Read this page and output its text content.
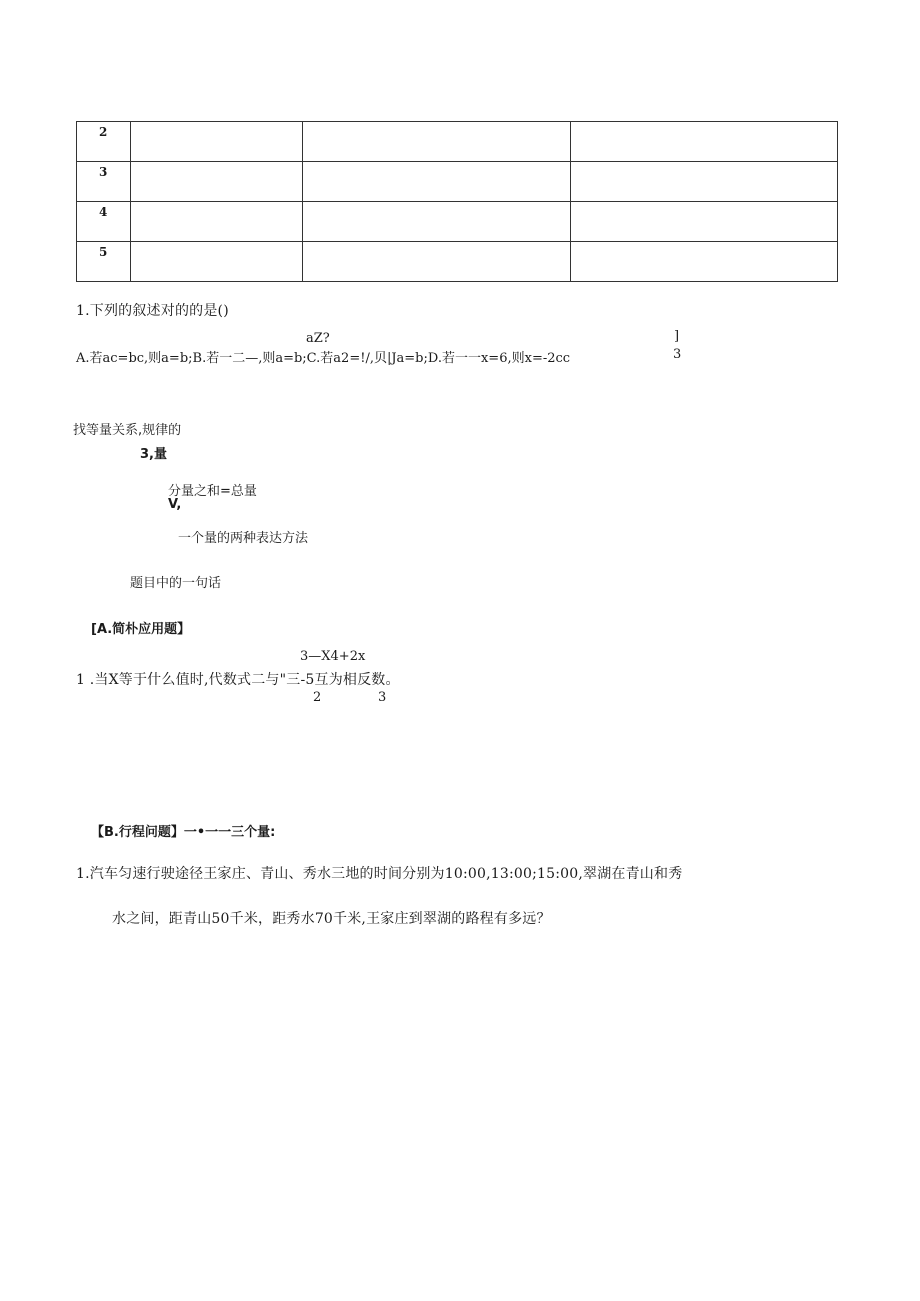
2			
3			
4			
5			
1.下列的叙述对的的是()
aZ?	]
A.若ac=bc,则a=b;B.若一二—,则a=b;C.若a2=!/,贝|Ja=b;D.若一一x=6,则x=-2cc	3
找等量关系,规律的
3,量
分量之和=总量
V,
一个量的两种表达方法
题目中的一句话
[A.简朴应用题】
3—X4+2x
1 .当X等于什么值时,代数式二与"三-5互为相反数。
2	3
【B.行程问题】一•一一三个量:
1.汽车匀速行驶途径王家庄、青山、秀水三地的时间分别为10:00,13:00;15:00,翠湖在青山和秀
水之间，距青山50千米，距秀水70千米,王家庄到翠湖的路程有多远？
